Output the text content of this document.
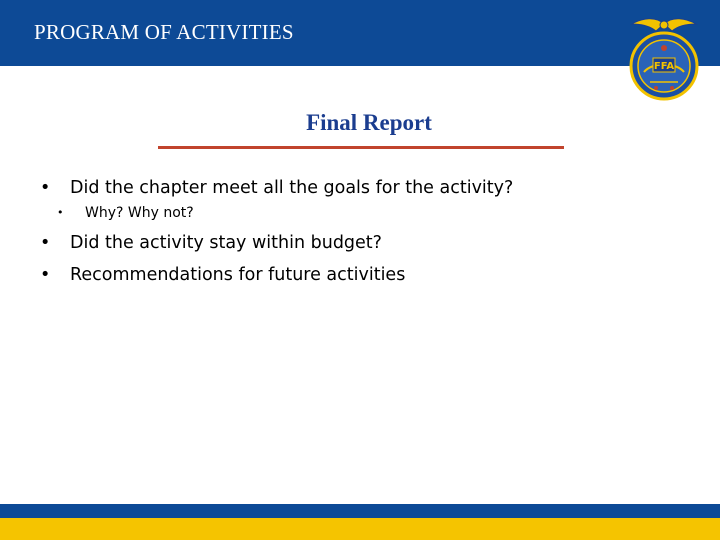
PROGRAM OF ACTIVITIES
FFA
Final Report
• Did the chapter meet all the goals for the activity?
• Why? Why not?
• Did the activity stay within budget?
• Recommendations for future activities
